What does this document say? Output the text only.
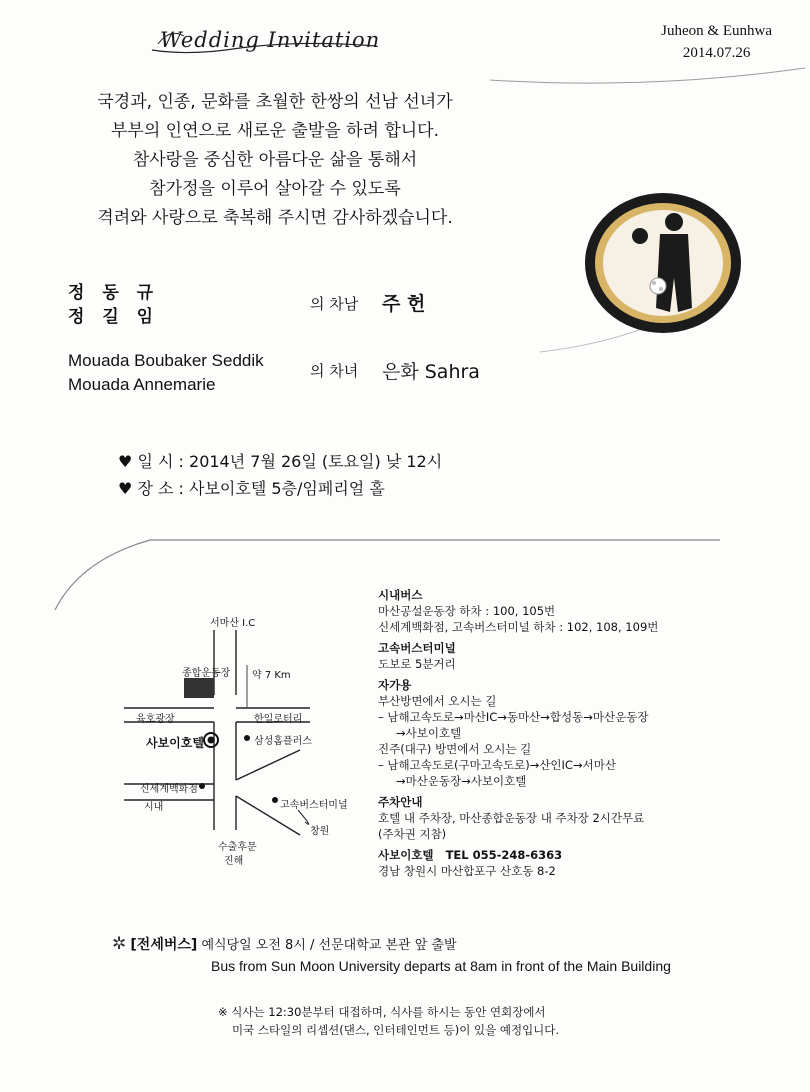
Juheon & Eunhwa
2014.07.26
Wedding Invitation
국경과, 인종, 문화를 초월한 한쌍의 선남 선녀가
부부의 인연으로 새로운 출발을 하려 합니다.
참사랑을 중심한 아름다운 삶을 통해서
참가정을 이루어 살아갈 수 있도록
격려와 사랑으로 축복해 주시면 감사하겠습니다.
정 동 규
정 길 임
의 차남 주 헌
Mouada Boubaker Seddik
Mouada Annemarie
의 차녀 은화 Sahra
♥ 일 시 : 2014년 7월 26일 (토요일) 낮 12시
♥ 장 소 : 사보이호텔 5층/임페리얼 홀
서마산 I.C
약 7 Km
종합운동장
육호광장	한일로터리
사보이호텔	삼성홈플러스
신세계백화점
시내	고속버스터미널
창원
수출후문
진해
시내버스
마산공설운동장 하차 : 100, 105번
신세계백화점, 고속버스터미널 하차 : 102, 108, 109번
고속버스터미널
도보로 5분거리
자가용
부산방면에서 오시는 길
– 남해고속도로→마산IC→동마산→합성동→마산운동장
→사보이호텔
진주(대구) 방면에서 오시는 길
– 남해고속도로(구마고속도로)→산인IC→서마산
→마산운동장→사보이호텔
주차안내
호텔 내 주차장, 마산종합운동장 내 주차장 2시간무료
(주차권 지참)
사보이호텔 TEL 055-248-6363
경남 창원시 마산합포구 산호동 8-2
✲ [전세버스] 예식당일 오전 8시 / 선문대학교 본관 앞 출발
Bus from Sun Moon University departs at 8am in front of the Main Building
※ 식사는 12:30분부터 대접하며, 식사를 하시는 동안 연회장에서
미국 스타일의 리셉션(댄스, 인터테인먼트 등)이 있을 예정입니다.
